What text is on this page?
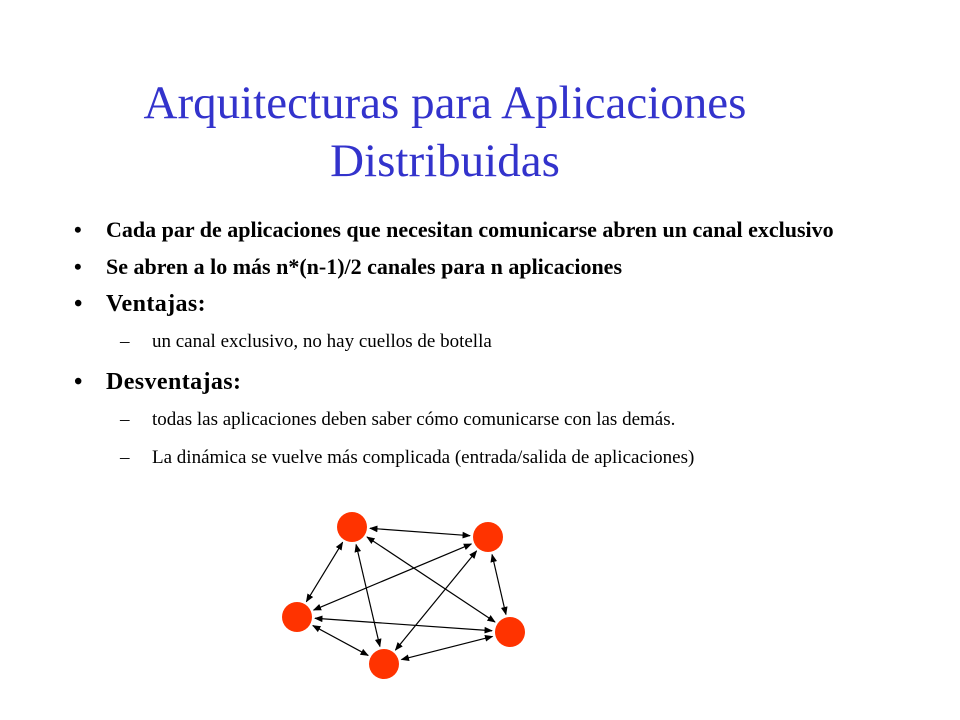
Arquitecturas para Aplicaciones
Distribuidas
• Cada par de aplicaciones que necesitan comunicarse abren un canal exclusivo
• Se abren a lo más n*(n-1)/2 canales para n aplicaciones
• Ventajas:
– un canal exclusivo, no hay cuellos de botella
• Desventajas:
– todas las aplicaciones deben saber cómo comunicarse con las demás.
– La dinámica se vuelve más complicada (entrada/salida de aplicaciones)
